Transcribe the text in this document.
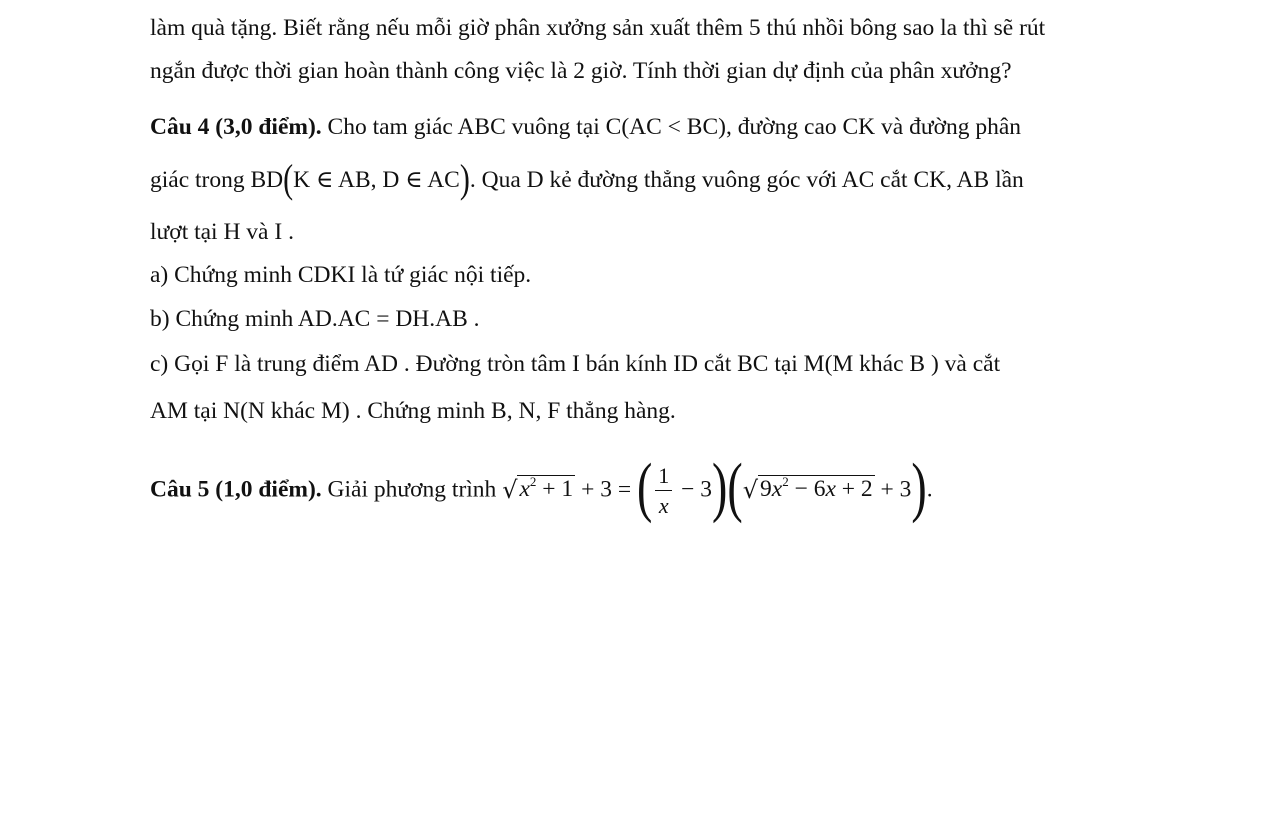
làm quà tặng. Biết rằng nếu mỗi giờ phân xưởng sản xuất thêm 5 thú nhồi bông sao la thì sẽ rút
ngắn được thời gian hoàn thành công việc là 2 giờ. Tính thời gian dự định của phân xưởng?
Câu 4 (3,0 điểm). Cho tam giác ABC vuông tại C(AC < BC), đường cao CK và đường phân
giác trong BD(K ∈ AB, D ∈ AC). Qua D kẻ đường thẳng vuông góc với AC cắt CK, AB lần
lượt tại H và I .
a) Chứng minh CDKI là tứ giác nội tiếp.
b) Chứng minh AD.AC = DH.AB .
c) Gọi F là trung điểm AD . Đường tròn tâm I bán kính ID cắt BC tại M(M khác B ) và cắt
AM tại N(N khác M) . Chứng minh B, N, F thẳng hàng.
Câu 5 (1,0 điểm). Giải phương trình $√x^2 + 1 + 3$ = ( $\frac{1}{x} - 3)(√9x^2 - 6x + 2 + 3)$.
